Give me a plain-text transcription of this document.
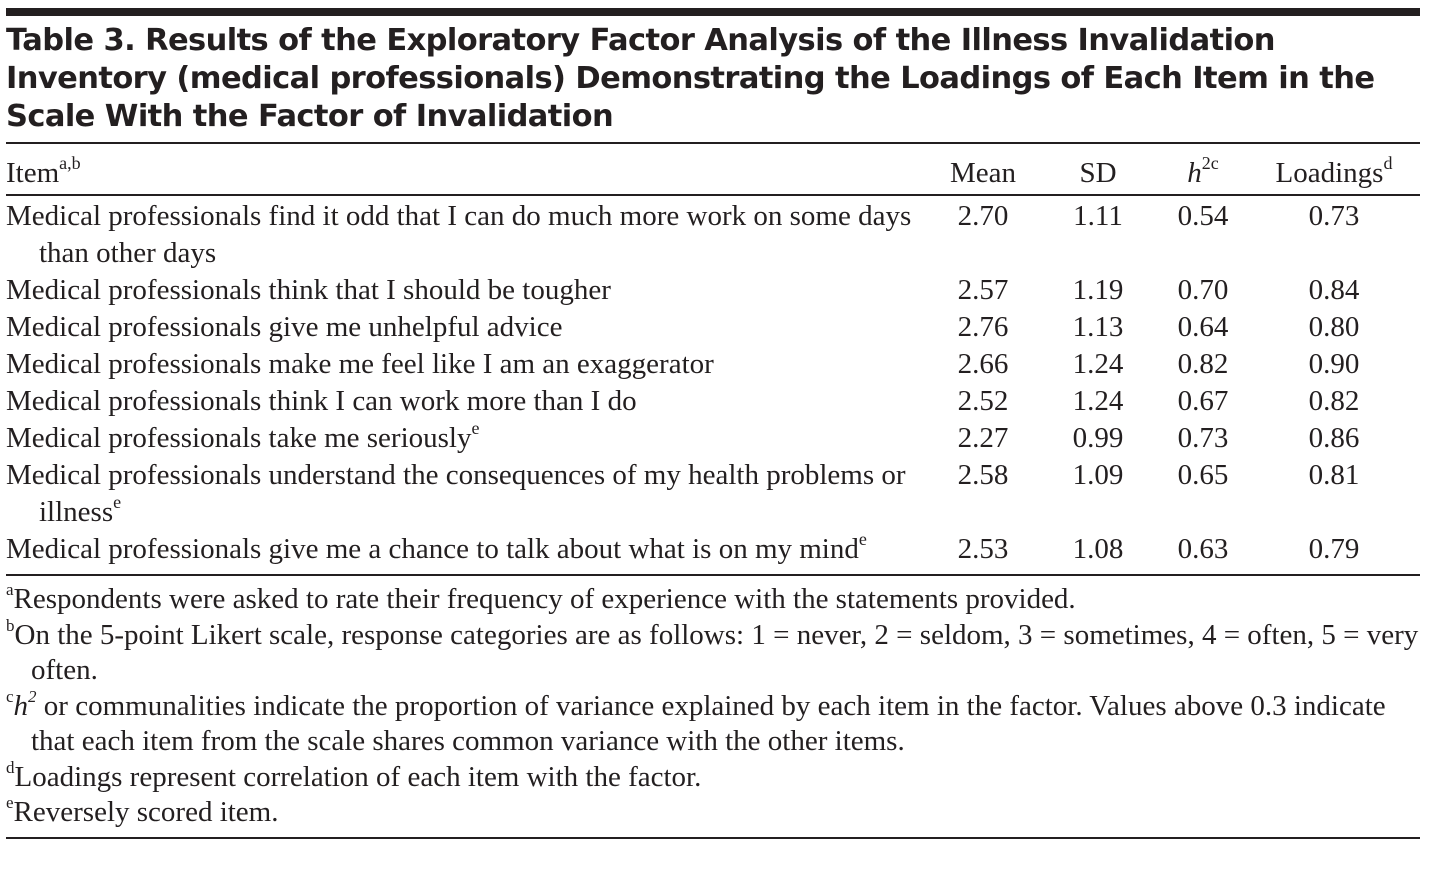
Table 3. Results of the Exploratory Factor Analysis of the Illness Invalidation Inventory (medical professionals) Demonstrating the Loadings of Each Item in the Scale With the Factor of Invalidation
Item$^{a,b}$	Mean	SD	$h^{2c}$	Loadings$^d$
Medical professionals find it odd that I can do much more work on some days than other days	2.70	1.11	0.54	0.73
Medical professionals think that I should be tougher	2.57	1.19	0.70	0.84
Medical professionals give me unhelpful advice	2.76	1.13	0.64	0.80
Medical professionals make me feel like I am an exaggerator	2.66	1.24	0.82	0.90
Medical professionals think I can work more than I do	2.52	1.24	0.67	0.82
Medical professionals take me seriously$^e$	2.27	0.99	0.73	0.86
Medical professionals understand the consequences of my health problems or illness$^e$	2.58	1.09	0.65	0.81
Medical professionals give me a chance to talk about what is on my mind$^e$	2.53	1.08	0.63	0.79

$^a$Respondents were asked to rate their frequency of experience with the statements provided.

$^b$On the 5-point Likert scale, response categories are as follows: 1 = never, 2 = seldom, 3 = sometimes, 4 = often, 5 = very often.

$^ch^2$ or communalities indicate the proportion of variance explained by each item in the factor. Values above 0.3 indicate that each item from the scale shares common variance with the other items.

$^d$Loadings represent correlation of each item with the factor.

$^e$Reversely scored item.
